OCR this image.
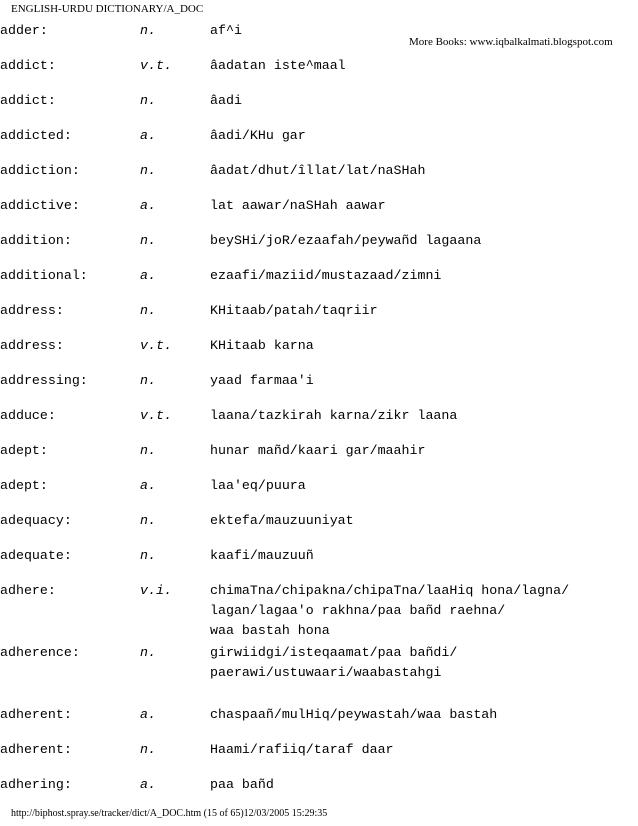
ENGLISH-URDU DICTIONARY/A_DOC
More Books: www.iqbalkalmati.blogspot.com
adder:	n.	af^i
addict:	v.t.	âadatan iste^maal
addict:	n.	âadi
addicted:	a.	âadi/KHu gar
addiction:	n.	âadat/dhut/îllat/lat/naSHah
addictive:	a.	lat aawar/naSHah aawar
addition:	n.	beySHi/joR/ezaafah/peywañd lagaana
additional:	a.	ezaafi/maziid/mustazaad/zimni
address:	n.	KHitaab/patah/taqriir
address:	v.t.	KHitaab karna
addressing:	n.	yaad farmaa'i
adduce:	v.t.	laana/tazkirah karna/zikr laana
adept:	n.	hunar mañd/kaari gar/maahir
adept:	a.	laa'eq/puura
adequacy:	n.	ektefa/mauzuuniyat
adequate:	n.	kaafi/mauzuuñ
adhere:	v.i.	chimaTna/chipakna/chipaTna/laaHiq hona/lagna/
lagan/lagaa'o rakhna/paa bañd raehna/
waa bastah hona
adherence:	n.	girwiidgi/isteqaamat/paa bañdi/
paerawi/ustuwaari/waabastahgi
adherent:	a.	chaspaañ/mulHiq/peywastah/waa bastah
adherent:	n.	Haami/rafiiq/taraf daar
adhering:	a.	paa bañd
http://biphost.spray.se/tracker/dict/A_DOC.htm (15 of 65)12/03/2005 15:29:35
